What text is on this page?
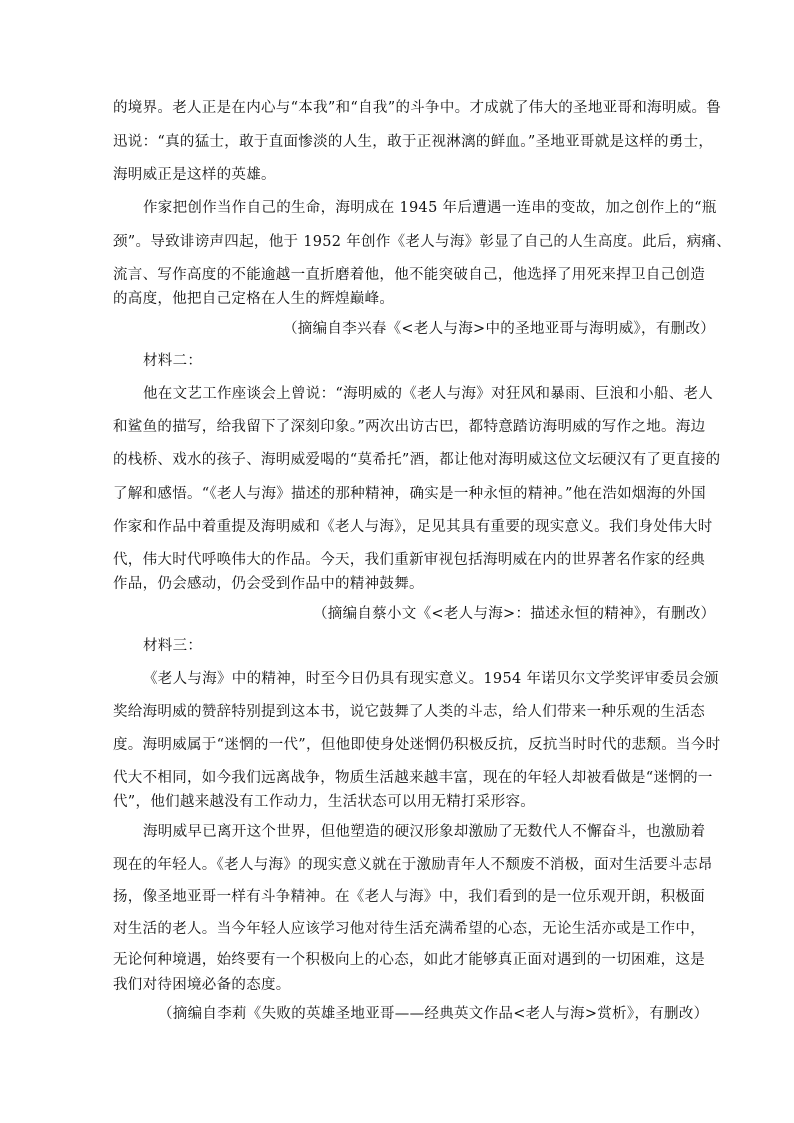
的境界。老人正是在内心与“本我”和“自我”的斗争中。才成就了伟大的圣地亚哥和海明威。鲁
迅说：“真的猛士，敢于直面惨淡的人生，敢于正视淋漓的鲜血。”圣地亚哥就是这样的勇士，
海明威正是这样的英雄。
作家把创作当作自己的生命，海明成在 1945 年后遭遇一连串的变故，加之创作上的“瓶
颈”。导致诽谤声四起，他于 1952 年创作《老人与海》彰显了自己的人生高度。此后，病痛、
流言、写作高度的不能逾越一直折磨着他，他不能突破自己，他选择了用死来捍卫自己创造
的高度，他把自己定格在人生的辉煌巅峰。
（摘编自李兴春《<老人与海>中的圣地亚哥与海明威》，有删改）
材料二：
他在文艺工作座谈会上曾说：“海明威的《老人与海》对狂风和暴雨、巨浪和小船、老人
和鲨鱼的描写，给我留下了深刻印象。”两次出访古巴，都特意踏访海明威的写作之地。海边
的栈桥、戏水的孩子、海明威爱喝的“莫希托”酒，都让他对海明威这位文坛硬汉有了更直接的
了解和感悟。“《老人与海》描述的那种精神，确实是一种永恒的精神。”他在浩如烟海的外国
作家和作品中着重提及海明威和《老人与海》，足见其具有重要的现实意义。我们身处伟大时
代，伟大时代呼唤伟大的作品。今天，我们重新审视包括海明威在内的世界著名作家的经典
作品，仍会感动，仍会受到作品中的精神鼓舞。
（摘编自蔡小文《<老人与海>：描述永恒的精神》，有删改）
材料三：
《老人与海》中的精神，时至今日仍具有现实意义。1954 年诺贝尔文学奖评审委员会颁
奖给海明威的赞辞特别提到这本书，说它鼓舞了人类的斗志，给人们带来一种乐观的生活态
度。海明威属于“迷惘的一代”，但他即使身处迷惘仍积极反抗，反抗当时时代的悲颓。当今时
代大不相同，如今我们远离战争，物质生活越来越丰富，现在的年轻人却被看做是“迷惘的一
代”，他们越来越没有工作动力，生活状态可以用无精打采形容。
海明威早已离开这个世界，但他塑造的硬汉形象却激励了无数代人不懈奋斗，也激励着
现在的年轻人。《老人与海》的现实意义就在于激励青年人不颓废不消极，面对生活要斗志昂
扬，像圣地亚哥一样有斗争精神。在《老人与海》中，我们看到的是一位乐观开朗，积极面
对生活的老人。当今年轻人应该学习他对待生活充满希望的心态，无论生活亦或是工作中，
无论何种境遇，始终要有一个积极向上的心态，如此才能够真正面对遇到的一切困难，这是
我们对待困境必备的态度。
（摘编自李莉《失败的英雄圣地亚哥——经典英文作品<老人与海>赏析》，有删改）
